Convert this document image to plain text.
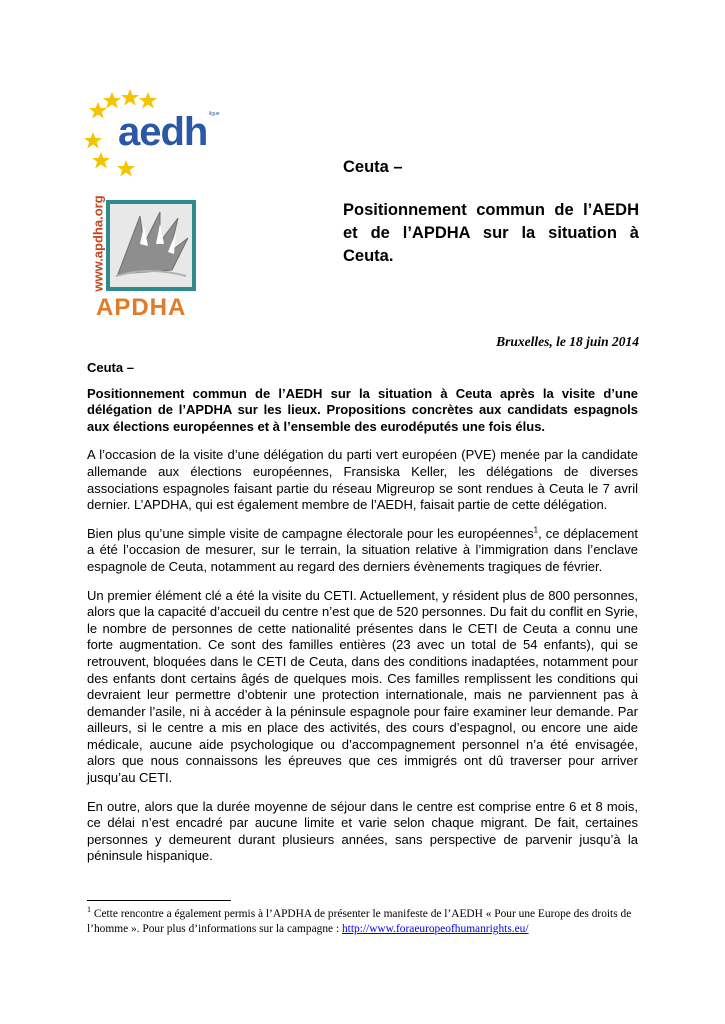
aedh ligue
www.apdha.org
APDHA

Ceuta –

Positionnement commun de l’AEDH et de l’APDHA sur la situation à Ceuta.

Bruxelles, le 18 juin 2014

Ceuta –

Positionnement commun de l’AEDH sur la situation à Ceuta après la visite d’une délégation de l’APDHA sur les lieux. Propositions concrètes aux candidats espagnols aux élections européennes et à l’ensemble des eurodéputés une fois élus.

A l’occasion de la visite d’une délégation du parti vert européen (PVE) menée par la candidate allemande aux élections européennes, Fransiska Keller, les délégations de diverses associations espagnoles faisant partie du réseau Migreurop se sont rendues à Ceuta le 7 avril dernier. L’APDHA, qui est également membre de l’AEDH, faisait partie de cette délégation.

Bien plus qu’une simple visite de campagne électorale pour les européennes$^1$, ce déplacement a été l’occasion de mesurer, sur le terrain, la situation relative à l’immigration dans l’enclave espagnole de Ceuta, notamment au regard des derniers évènements tragiques de février.

Un premier élément clé a été la visite du CETI. Actuellement, y résident plus de 800 personnes, alors que la capacité d’accueil du centre n’est que de 520 personnes. Du fait du conflit en Syrie, le nombre de personnes de cette nationalité présentes dans le CETI de Ceuta a connu une forte augmentation. Ce sont des familles entières (23 avec un total de 54 enfants), qui se retrouvent, bloquées dans le CETI de Ceuta, dans des conditions inadaptées, notamment pour des enfants dont certains âgés de quelques mois. Ces familles remplissent les conditions qui devraient leur permettre d’obtenir une protection internationale, mais ne parviennent pas à demander l’asile, ni à accéder à la péninsule espagnole pour faire examiner leur demande. Par ailleurs, si le centre a mis en place des activités, des cours d’espagnol, ou encore une aide médicale, aucune aide psychologique ou d’accompagnement personnel n’a été envisagée, alors que nous connaissons les épreuves que ces immigrés ont dû traverser pour arriver jusqu’au CETI.

En outre, alors que la durée moyenne de séjour dans le centre est comprise entre 6 et 8 mois, ce délai n’est encadré par aucune limite et varie selon chaque migrant. De fait, certaines personnes y demeurent durant plusieurs années, sans perspective de parvenir jusqu’à la péninsule hispanique.

$^1$ Cette rencontre a également permis à l’APDHA de présenter le manifeste de l’AEDH « Pour une Europe des droits de l’homme ». Pour plus d’informations sur la campagne : http://www.foraeuropeofhumanrights.eu/
